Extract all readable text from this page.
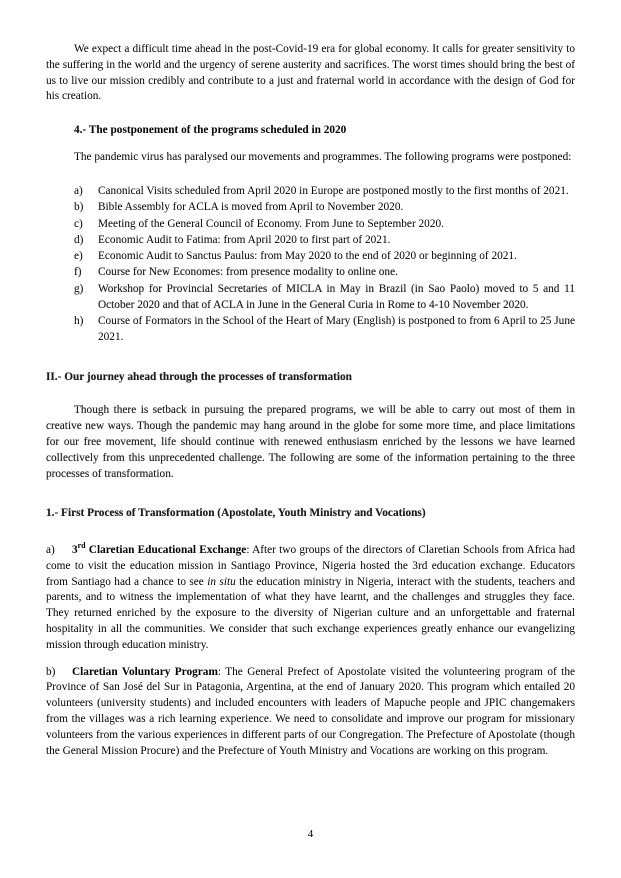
We expect a difficult time ahead in the post-Covid-19 era for global economy. It calls for greater sensitivity to the suffering in the world and the urgency of serene austerity and sacrifices. The worst times should bring the best of us to live our mission credibly and contribute to a just and fraternal world in accordance with the design of God for his creation.

4.- The postponement of the programs scheduled in 2020

The pandemic virus has paralysed our movements and programmes. The following programs were postponed:

a)	Canonical Visits scheduled from April 2020 in Europe are postponed mostly to the first months of 2021.
b)	Bible Assembly for ACLA is moved from April to November 2020.
c)	Meeting of the General Council of Economy. From June to September 2020.
d)	Economic Audit to Fatima: from April 2020 to first part of 2021.
e)	Economic Audit to Sanctus Paulus: from May 2020 to the end of 2020 or beginning of 2021.
f)	Course for New Economes: from presence modality to online one.
g)	Workshop for Provincial Secretaries of MICLA in May in Brazil (in Sao Paolo) moved to 5 and 11 October 2020 and that of ACLA in June in the General Curia in Rome to 4-10 November 2020.
h)	Course of Formators in the School of the Heart of Mary (English) is postponed to from 6 April to 25 June 2021.

II.- Our journey ahead through the processes of transformation

Though there is setback in pursuing the prepared programs, we will be able to carry out most of them in creative new ways. Though the pandemic may hang around in the globe for some more time, and place limitations for our free movement, life should continue with renewed enthusiasm enriched by the lessons we have learned collectively from this unprecedented challenge. The following are some of the information pertaining to the three processes of transformation.

1.- First Process of Transformation (Apostolate, Youth Ministry and Vocations)

a) 3rd Claretian Educational Exchange: After two groups of the directors of Claretian Schools from Africa had come to visit the education mission in Santiago Province, Nigeria hosted the 3rd education exchange. Educators from Santiago had a chance to see in situ the education ministry in Nigeria, interact with the students, teachers and parents, and to witness the implementation of what they have learnt, and the challenges and struggles they face. They returned enriched by the exposure to the diversity of Nigerian culture and an unforgettable and fraternal hospitality in all the communities. We consider that such exchange experiences greatly enhance our evangelizing mission through education ministry.

b) Claretian Voluntary Program: The General Prefect of Apostolate visited the volunteering program of the Province of San José del Sur in Patagonia, Argentina, at the end of January 2020. This program which entailed 20 volunteers (university students) and included encounters with leaders of Mapuche people and JPIC changemakers from the villages was a rich learning experience. We need to consolidate and improve our program for missionary volunteers from the various experiences in different parts of our Congregation. The Prefecture of Apostolate (though the General Mission Procure) and the Prefecture of Youth Ministry and Vocations are working on this program.

4
